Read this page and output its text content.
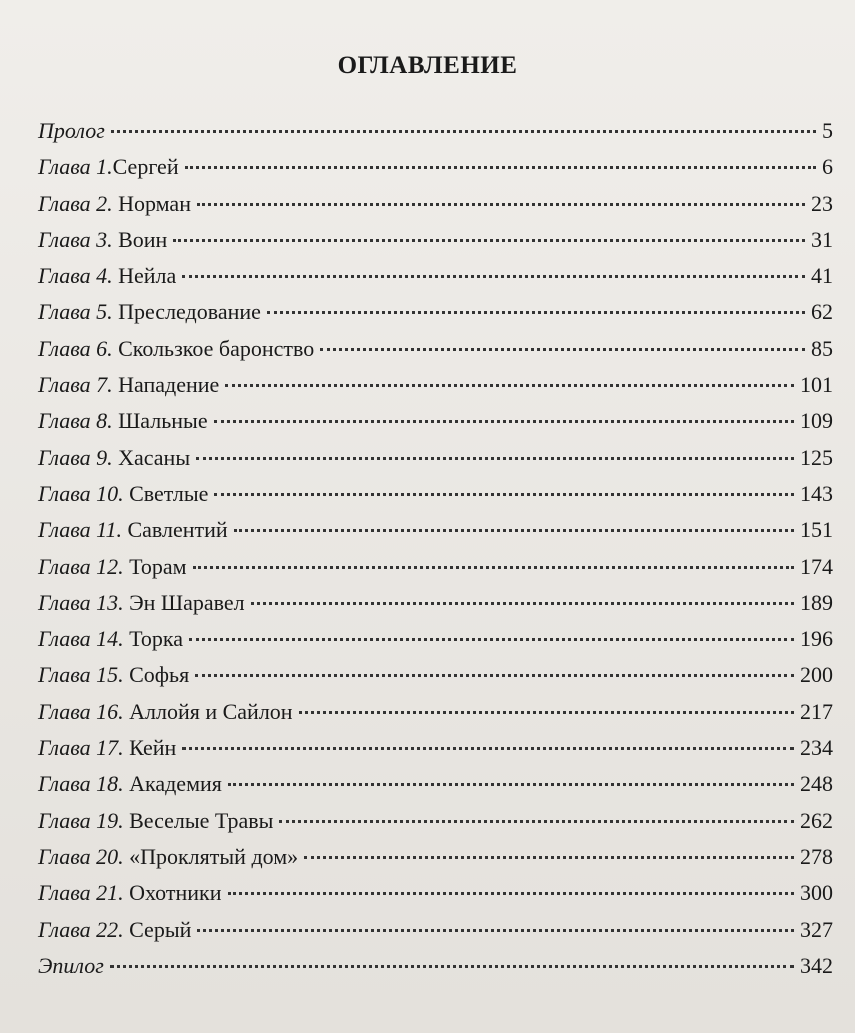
ОГЛАВЛЕНИЕ
Пролог	5
Глава 1.Сергей	6
Глава 2. Норман	23
Глава 3. Воин	31
Глава 4. Нейла	41
Глава 5. Преследование	62
Глава 6. Скользкое баронство	85
Глава 7. Нападение	101
Глава 8. Шальные	109
Глава 9. Хасаны	125
Глава 10. Светлые	143
Глава 11. Савлентий	151
Глава 12. Торам	174
Глава 13. Эн Шаравел	189
Глава 14. Торка	196
Глава 15. Софья	200
Глава 16. Аллойя и Сайлон	217
Глава 17. Кейн	234
Глава 18. Академия	248
Глава 19. Веселые Травы	262
Глава 20. «Проклятый дом»	278
Глава 21. Охотники	300
Глава 22. Серый	327
Эпилог	342
